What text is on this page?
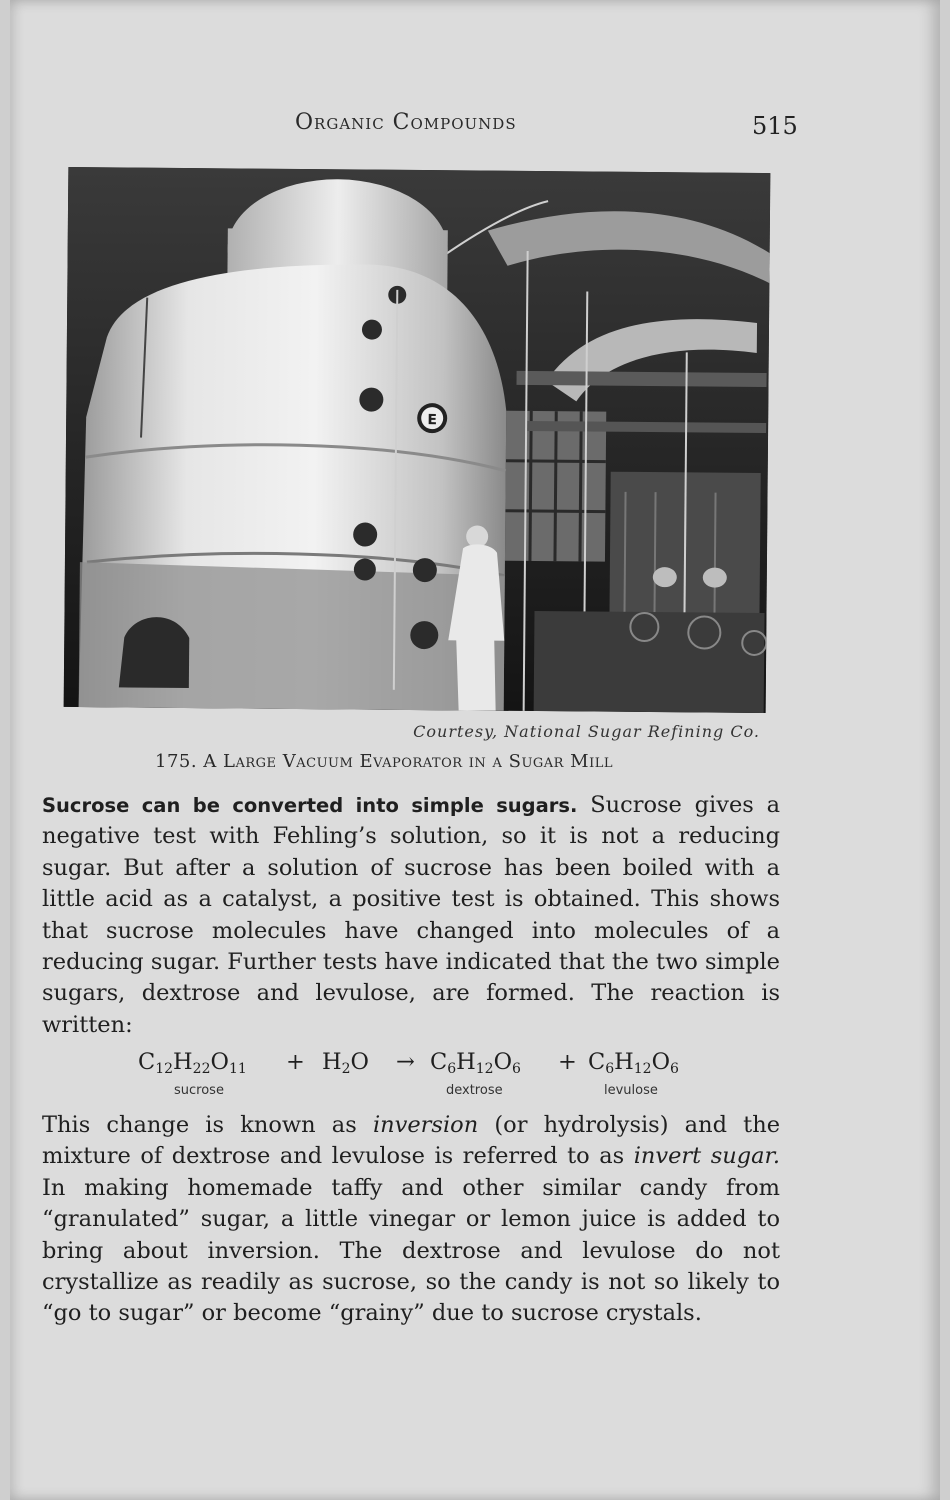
Organic Compounds	515
E
Courtesy, National Sugar Refining Co.
175. A Large Vacuum Evaporator in a Sugar Mill

Sucrose can be converted into simple sugars. Sucrose gives a negative test with Fehling’s solution, so it is not a reducing sugar. But after a solution of sucrose has been boiled with a little acid as a catalyst, a positive test is obtained. This shows that sucrose molecules have changed into molecules of a reducing sugar. Further tests have indicated that the two simple sugars, dextrose and levulose, are formed. The reaction is written:

$C_{12}H_{22}O_{11} + H_2O \to C_6H_{12}O_6 + C_6H_{12}O_6$
sucrose	dextrose	levulose

This change is known as inversion (or hydrolysis) and the mixture of dextrose and levulose is referred to as invert sugar. In making homemade taffy and other similar candy from “granulated” sugar, a little vinegar or lemon juice is added to bring about inversion. The dextrose and levulose do not crystallize as readily as sucrose, so the candy is not so likely to “go to sugar” or become “grainy” due to sucrose crystals.
